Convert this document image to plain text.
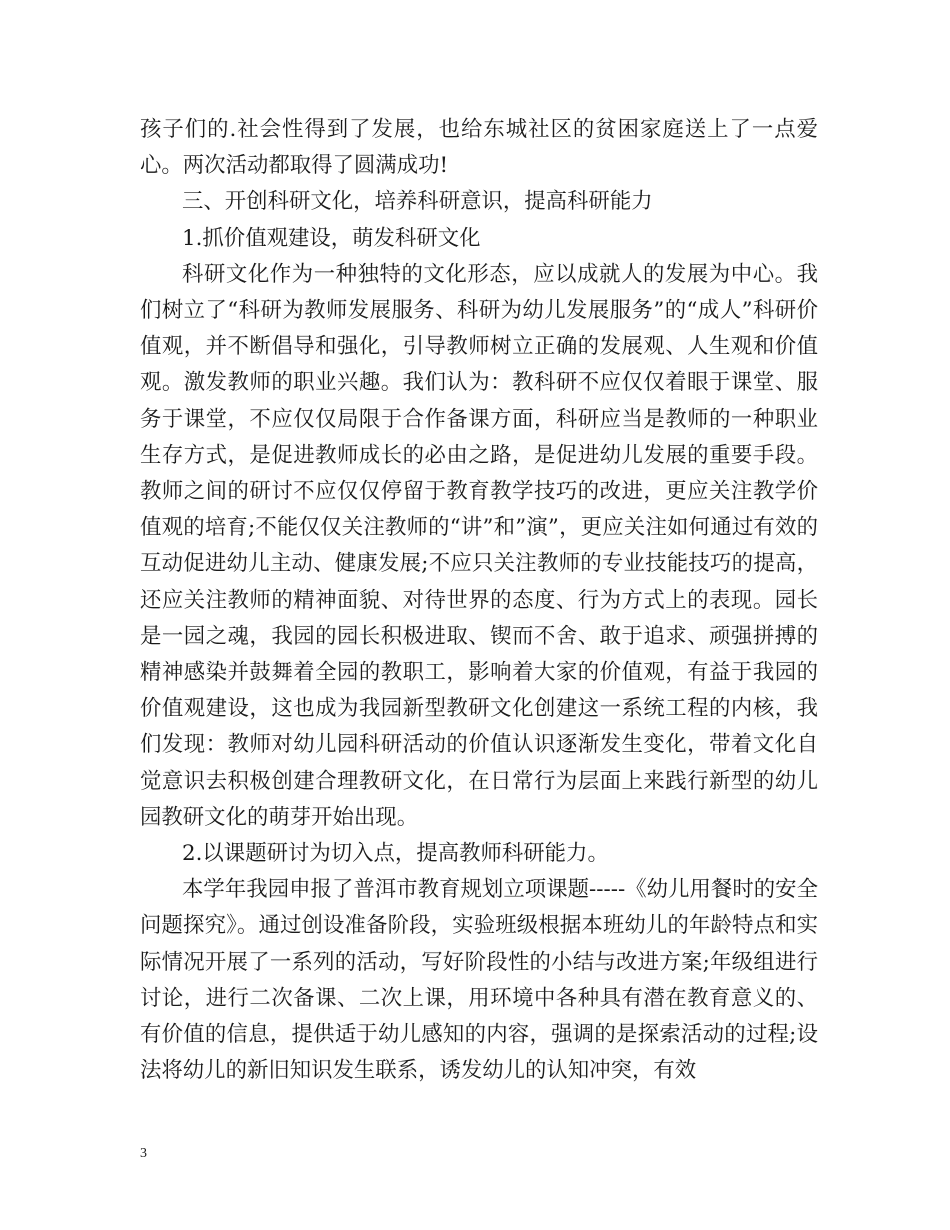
孩子们的.社会性得到了发展，也给东城社区的贫困家庭送上了一点爱心。两次活动都取得了圆满成功!

三、开创科研文化，培养科研意识，提高科研能力

1.抓价值观建设，萌发科研文化

科研文化作为一种独特的文化形态，应以成就人的发展为中心。我们树立了“科研为教师发展服务、科研为幼儿发展服务”的“成人”科研价值观，并不断倡导和强化，引导教师树立正确的发展观、人生观和价值观。激发教师的职业兴趣。我们认为：教科研不应仅仅着眼于课堂、服务于课堂，不应仅仅局限于合作备课方面，科研应当是教师的一种职业生存方式，是促进教师成长的必由之路，是促进幼儿发展的重要手段。教师之间的研讨不应仅仅停留于教育教学技巧的改进，更应关注教学价值观的培育;不能仅仅关注教师的“讲”和”演”，更应关注如何通过有效的互动促进幼儿主动、健康发展;不应只关注教师的专业技能技巧的提高，还应关注教师的精神面貌、对待世界的态度、行为方式上的表现。园长是一园之魂，我园的园长积极进取、锲而不舍、敢于追求、顽强拼搏的精神感染并鼓舞着全园的教职工，影响着大家的价值观，有益于我园的价值观建设，这也成为我园新型教研文化创建这一系统工程的内核，我们发现：教师对幼儿园科研活动的价值认识逐渐发生变化，带着文化自觉意识去积极创建合理教研文化，在日常行为层面上来践行新型的幼儿园教研文化的萌芽开始出现。

2.以课题研讨为切入点，提高教师科研能力。

本学年我园申报了普洱市教育规划立项课题-----《幼儿用餐时的安全问题探究》。通过创设准备阶段，实验班级根据本班幼儿的年龄特点和实际情况开展了一系列的活动，写好阶段性的小结与改进方案;年级组进行讨论，进行二次备课、二次上课，用环境中各种具有潜在教育意义的、有价值的信息，提供适于幼儿感知的内容，强调的是探索活动的过程;设法将幼儿的新旧知识发生联系，诱发幼儿的认知冲突，有效

3
